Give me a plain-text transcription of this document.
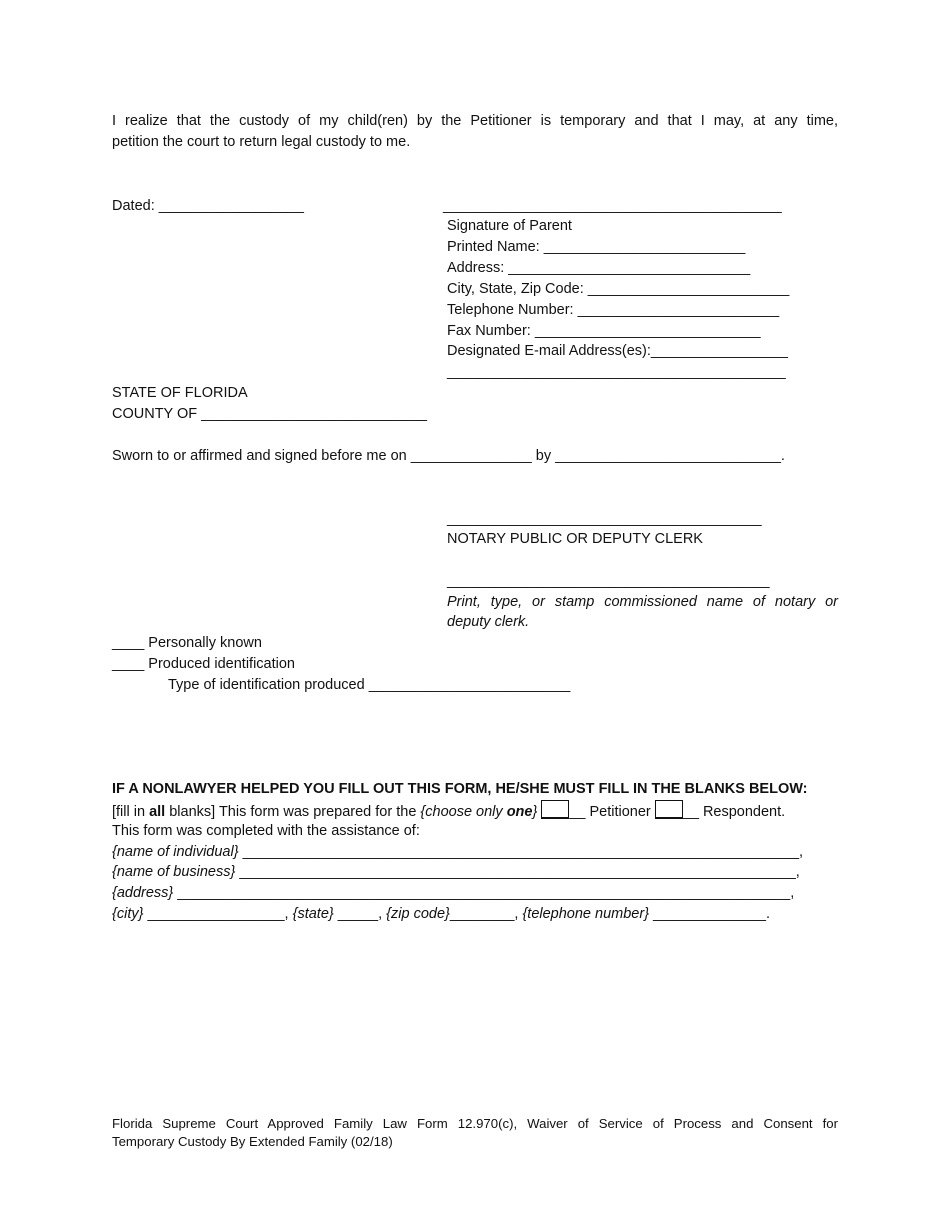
I realize that the custody of my child(ren) by the Petitioner is temporary and that I may, at any time,
petition the court to return legal custody to me.
Dated: __________________	__________________________________________
Signature of Parent
Printed Name: _________________________
Address: ______________________________
City, State, Zip Code: _________________________
Telephone Number: _________________________
Fax Number: ____________________________
Designated E-mail Address(es):_________________
__________________________________________
STATE OF FLORIDA
COUNTY OF ____________________________
Sworn to or affirmed and signed before me on _______________ by ____________________________.
_______________________________________
NOTARY PUBLIC OR DEPUTY CLERK
________________________________________
Print, type, or stamp commissioned name of notary or
deputy clerk.
____ Personally known
____ Produced identification
Type of identification produced _________________________
IF A NONLAWYER HELPED YOU FILL OUT THIS FORM, HE/SHE MUST FILL IN THE BLANKS BELOW:
[fill in all blanks] This form was prepared for the {choose only one} __ Petitioner __ Respondent.
This form was completed with the assistance of:
{name of individual} _____________________________________________________________________,
{name of business} _____________________________________________________________________,
{address} ____________________________________________________________________________,
{city} _________________, {state} _____, {zip code}________, {telephone number} ______________.
Florida Supreme Court Approved Family Law Form 12.970(c), Waiver of Service of Process and Consent for
Temporary Custody By Extended Family (02/18)
